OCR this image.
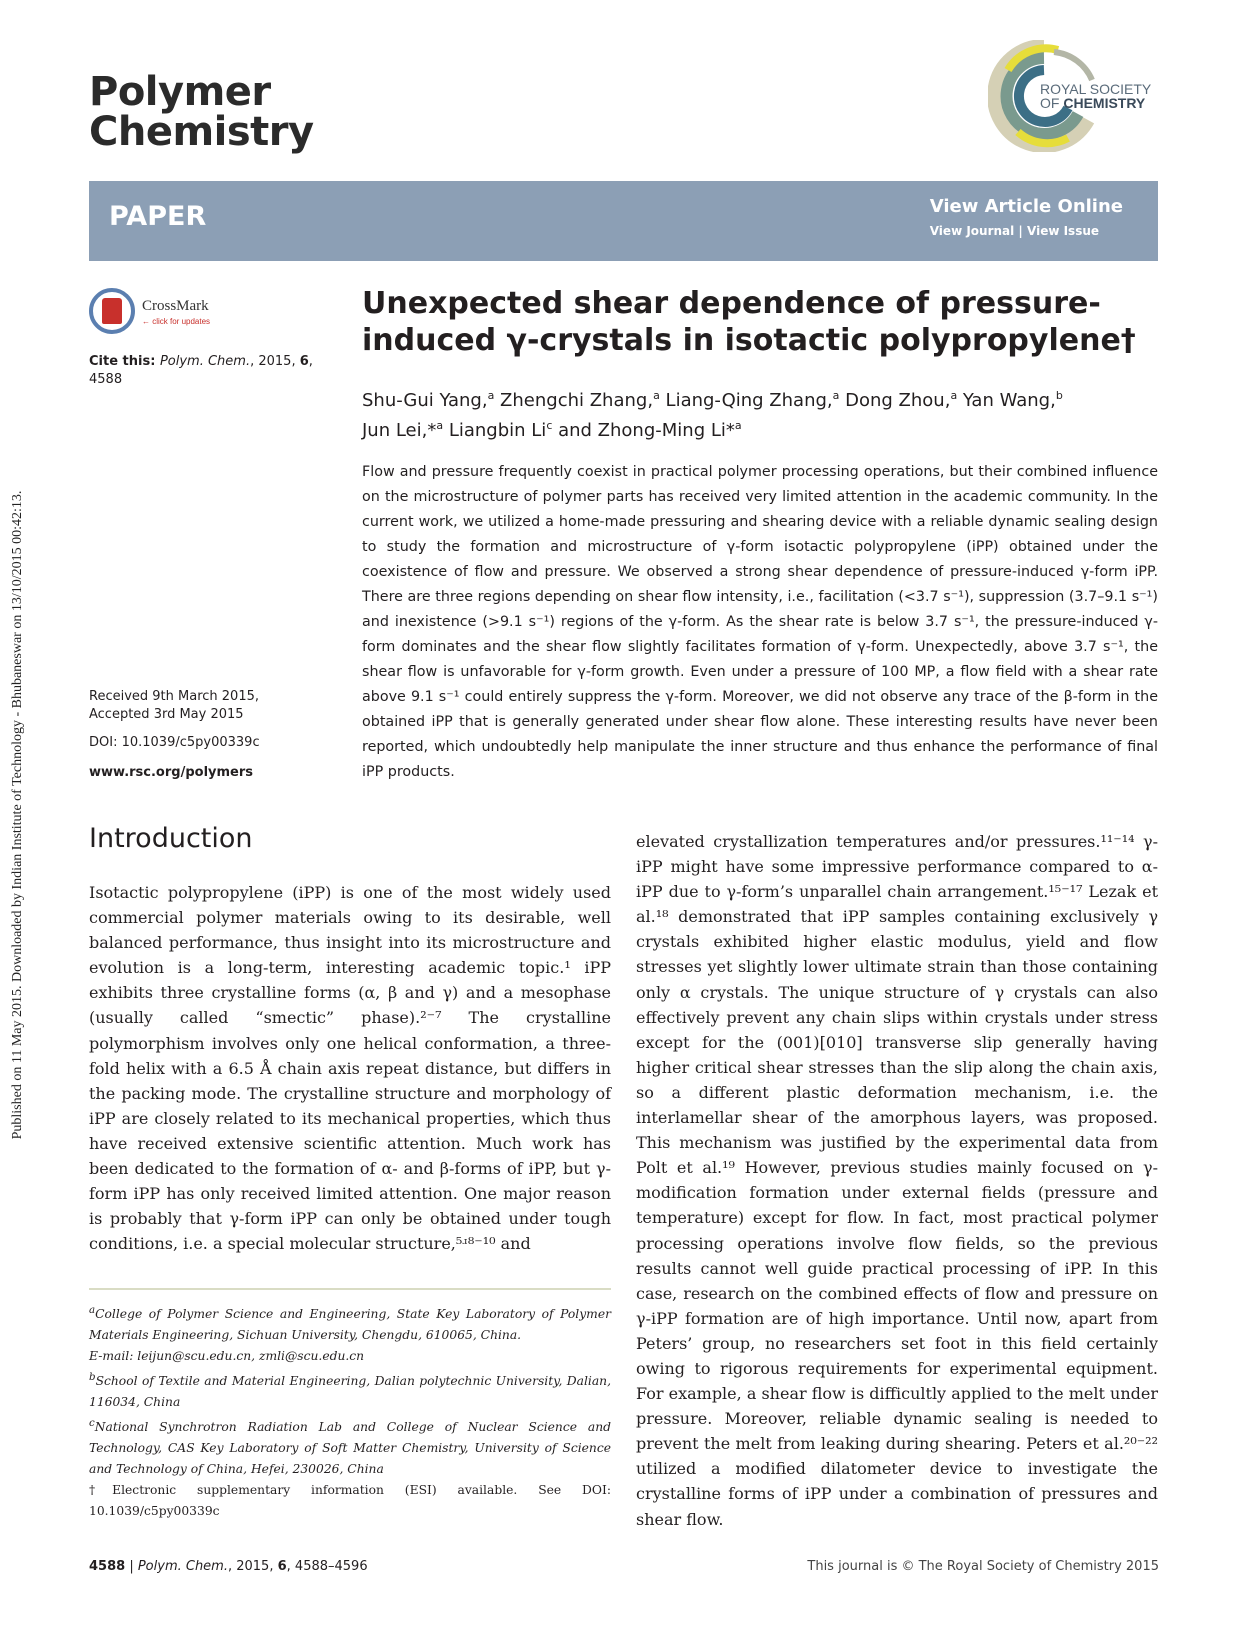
Published on 11 May 2015. Downloaded by Indian Institute of Technology - Bhubaneswar on 13/10/2015 00:42:13.
Polymer
Chemistry
ROYAL SOCIETY
OF CHEMISTRY
PAPER	View Article Online
View Journal | View Issue
CrossMark
← click for updates
Cite this: Polym. Chem., 2015, 6,
4588
Received 9th March 2015,
Accepted 3rd May 2015
DOI: 10.1039/c5py00339c
www.rsc.org/polymers
Unexpected shear dependence of pressure-
induced γ-crystals in isotactic polypropylene†
Shu-Gui Yang,$^a$ Zhengchi Zhang,$^a$ Liang-Qing Zhang,$^a$ Dong Zhou,$^a$ Yan Wang,$^b$
Jun Lei,*$^a$ Liangbin Li$^c$ and Zhong-Ming Li*$^a$
Flow and pressure frequently coexist in practical polymer processing operations, but their combined influence on the microstructure of polymer parts has received very limited attention in the academic community. In the current work, we utilized a home-made pressuring and shearing device with a reliable dynamic sealing design to study the formation and microstructure of γ-form isotactic polypropylene (iPP) obtained under the coexistence of flow and pressure. We observed a strong shear dependence of pressure-induced γ-form iPP. There are three regions depending on shear flow intensity, i.e., facilitation (<3.7 s⁻¹), suppression (3.7–9.1 s⁻¹) and inexistence (>9.1 s⁻¹) regions of the γ-form. As the shear rate is below 3.7 s⁻¹, the pressure-induced γ-form dominates and the shear flow slightly facilitates formation of γ-form. Unexpectedly, above 3.7 s⁻¹, the shear flow is unfavorable for γ-form growth. Even under a pressure of 100 MP, a flow field with a shear rate above 9.1 s⁻¹ could entirely suppress the γ-form. Moreover, we did not observe any trace of the β-form in the obtained iPP that is generally generated under shear flow alone. These interesting results have never been reported, which undoubtedly help manipulate the inner structure and thus enhance the performance of final iPP products.
Introduction
Isotactic polypropylene (iPP) is one of the most widely used commercial polymer materials owing to its desirable, well balanced performance, thus insight into its microstructure and evolution is a long-term, interesting academic topic.¹ iPP exhibits three crystalline forms (α, β and γ) and a mesophase (usually called “smectic” phase).²⁻⁷ The crystalline polymorphism involves only one helical conformation, a three-fold helix with a 6.5 Å chain axis repeat distance, but differs in the packing mode. The crystalline structure and morphology of iPP are closely related to its mechanical properties, which thus have received extensive scientific attention. Much work has been dedicated to the formation of α- and β-forms of iPP, but γ-form iPP has only received limited attention. One major reason is probably that γ-form iPP can only be obtained under tough conditions, i.e. a special molecular structure,⁵ʴ⁸⁻¹⁰ and
elevated crystallization temperatures and/or pressures.¹¹⁻¹⁴ γ-iPP might have some impressive performance compared to α-iPP due to γ-form’s unparallel chain arrangement.¹⁵⁻¹⁷ Lezak et al.¹⁸ demonstrated that iPP samples containing exclusively γ crystals exhibited higher elastic modulus, yield and flow stresses yet slightly lower ultimate strain than those containing only α crystals. The unique structure of γ crystals can also effectively prevent any chain slips within crystals under stress except for the (001)[010] transverse slip generally having higher critical shear stresses than the slip along the chain axis, so a different plastic deformation mechanism, i.e. the interlamellar shear of the amorphous layers, was proposed. This mechanism was justified by the experimental data from Polt et al.¹⁹ However, previous studies mainly focused on γ-modification formation under external fields (pressure and temperature) except for flow. In fact, most practical polymer processing operations involve flow fields, so the previous results cannot well guide practical processing of iPP. In this case, research on the combined effects of flow and pressure on γ-iPP formation are of high importance. Until now, apart from Peters’ group, no researchers set foot in this field certainly owing to rigorous requirements for experimental equipment. For example, a shear flow is difficultly applied to the melt under pressure. Moreover, reliable dynamic sealing is needed to prevent the melt from leaking during shearing. Peters et al.²⁰⁻²² utilized a modified dilatometer device to investigate the crystalline forms of iPP under a combination of pressures and shear flow.
$^a$College of Polymer Science and Engineering, State Key Laboratory of Polymer Materials Engineering, Sichuan University, Chengdu, 610065, China.
E-mail: leijun@scu.edu.cn, zmli@scu.edu.cn
$^b$School of Textile and Material Engineering, Dalian polytechnic University, Dalian, 116034, China
$^c$National Synchrotron Radiation Lab and College of Nuclear Science and Technology, CAS Key Laboratory of Soft Matter Chemistry, University of Science and Technology of China, Hefei, 230026, China
†Electronic supplementary information (ESI) available. See DOI: 10.1039/c5py00339c
4588 | Polym. Chem., 2015, 6, 4588–4596	This journal is © The Royal Society of Chemistry 2015
